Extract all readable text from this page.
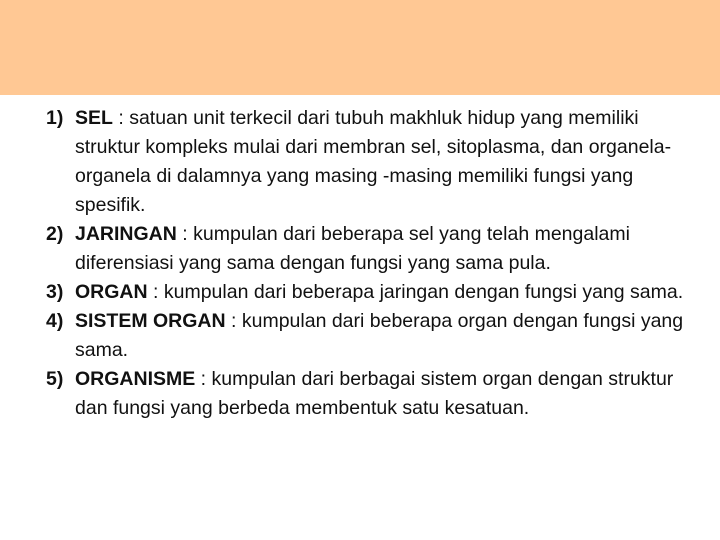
1) SEL : satuan unit terkecil dari tubuh makhluk hidup yang memiliki struktur kompleks mulai dari membran sel, sitoplasma, dan organela-organela di dalamnya yang masing -masing memiliki fungsi yang spesifik.
2) JARINGAN : kumpulan dari beberapa sel yang telah mengalami diferensiasi yang sama dengan fungsi yang sama pula.
3) ORGAN : kumpulan dari beberapa jaringan dengan fungsi yang sama.
4) SISTEM ORGAN : kumpulan dari beberapa organ dengan fungsi yang sama.
5) ORGANISME : kumpulan dari berbagai sistem organ dengan struktur dan fungsi yang berbeda membentuk satu kesatuan.
